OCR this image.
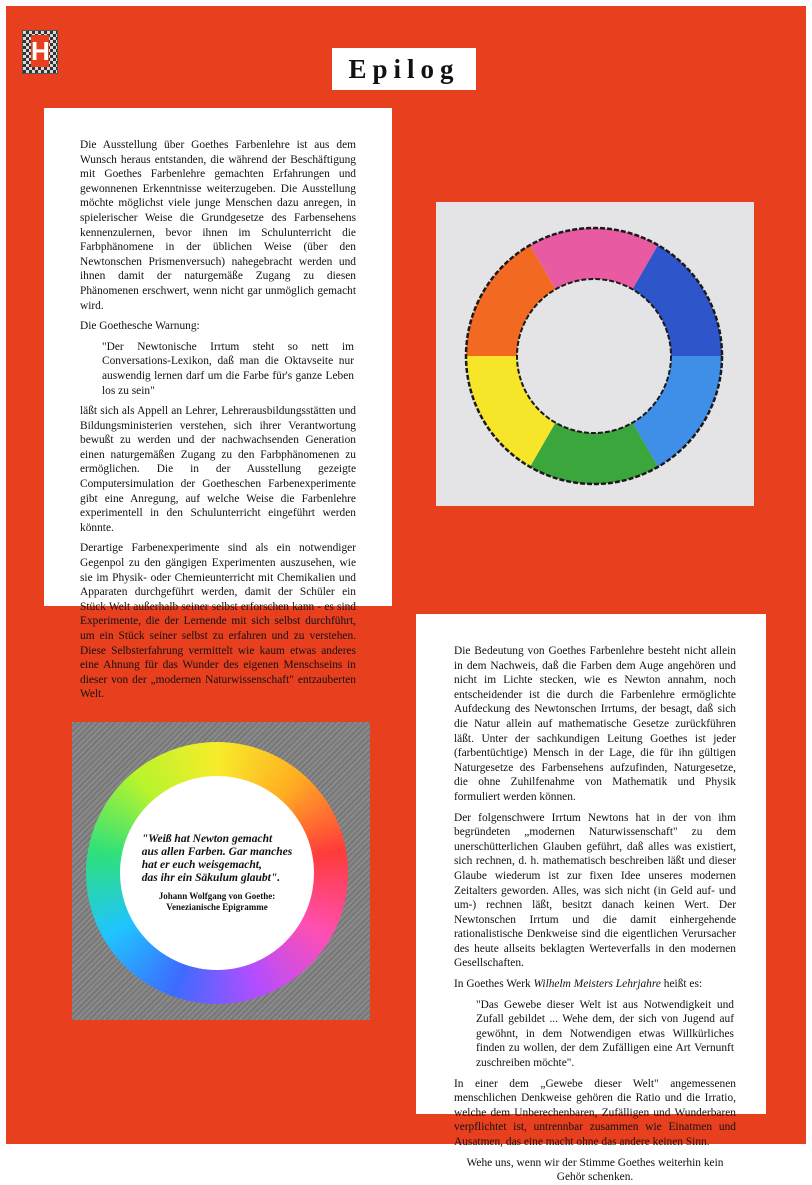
H
Epilog

Die Ausstellung über Goethes Farbenlehre ist aus dem Wunsch heraus entstanden, die während der Beschäftigung mit Goethes Farbenlehre gemachten Erfahrungen und gewonnenen Erkenntnisse weiterzugeben. Die Ausstellung möchte möglichst viele junge Menschen dazu anregen, in spielerischer Weise die Grundgesetze des Farbensehens kennenzulernen, bevor ihnen im Schulunterricht die Farbphänomene in der üblichen Weise (über den Newtonschen Prismenversuch) nahegebracht werden und ihnen damit der naturgemäße Zugang zu diesen Phänomenen erschwert, wenn nicht gar unmöglich gemacht wird.

Die Goethesche Warnung:

"Der Newtonische Irrtum steht so nett im Conversations-Lexikon, daß man die Oktavseite nur auswendig lernen darf um die Farbe für's ganze Leben los zu sein"

läßt sich als Appell an Lehrer, Lehrerausbildungsstätten und Bildungsministerien verstehen, sich ihrer Verantwortung bewußt zu werden und der nachwachsenden Generation einen naturgemäßen Zugang zu den Farbphänomenen zu ermöglichen. Die in der Ausstellung gezeigte Computersimulation der Goetheschen Farbenexperimente gibt eine Anregung, auf welche Weise die Farbenlehre experimentell in den Schulunterricht eingeführt werden könnte.

Derartige Farbenexperimente sind als ein notwendiger Gegenpol zu den gängigen Experimenten auszusehen, wie sie im Physik- oder Chemieunterricht mit Chemikalien und Apparaten durchgeführt werden, damit der Schüler ein Stück Welt außerhalb seiner selbst erforschen kann - es sind Experimente, die der Lernende mit sich selbst durchführt, um ein Stück seiner selbst zu erfahren und zu verstehen. Diese Selbsterfahrung vermittelt wie kaum etwas anderes eine Ahnung für das Wunder des eigenen Menschseins in dieser von der „modernen Naturwissenschaft" entzauberten Welt.

"Weiß hat Newton gemacht
aus allen Farben. Gar manches
hat er euch weisgemacht,
das ihr ein Säkulum glaubt".
Johann Wolfgang von Goethe:
Venezianische Epigramme

Die Bedeutung von Goethes Farbenlehre besteht nicht allein in dem Nachweis, daß die Farben dem Auge angehören und nicht im Lichte stecken, wie es Newton annahm, noch entscheidender ist die durch die Farbenlehre ermöglichte Aufdeckung des Newtonschen Irrtums, der besagt, daß sich die Natur allein auf mathematische Gesetze zurückführen läßt. Unter der sachkundigen Leitung Goethes ist jeder (farbentüchtige) Mensch in der Lage, die für ihn gültigen Naturgesetze des Farbensehens aufzufinden, Naturgesetze, die ohne Zuhilfenahme von Mathematik und Physik formuliert werden können.

Der folgenschwere Irrtum Newtons hat in der von ihm begründeten „modernen Naturwissenschaft" zu dem unerschütterlichen Glauben geführt, daß alles was existiert, sich rechnen, d. h. mathematisch beschreiben läßt und dieser Glaube wiederum ist zur fixen Idee unseres modernen Zeitalters geworden. Alles, was sich nicht (in Geld auf- und um-) rechnen läßt, besitzt danach keinen Wert. Der Newtonschen Irrtum und die damit einhergehende rationalistische Denkweise sind die eigentlichen Verursacher des heute allseits beklagten Werteverfalls in den modernen Gesellschaften.

In Goethes Werk Wilhelm Meisters Lehrjahre heißt es:

"Das Gewebe dieser Welt ist aus Notwendigkeit und Zufall gebildet ... Wehe dem, der sich von Jugend auf gewöhnt, in dem Notwendigen etwas Willkürliches finden zu wollen, der dem Zufälligen eine Art Vernunft zuschreiben möchte".

In einer dem „Gewebe dieser Welt" angemessenen menschlichen Denkweise gehören die Ratio und die Irratio, welche dem Unberechenbaren, Zufälligen und Wunderbaren verpflichtet ist, untrennbar zusammen wie Einatmen und Ausatmen, das eine macht ohne das andere keinen Sinn.

Wehe uns, wenn wir der Stimme Goethes weiterhin kein Gehör schenken.
